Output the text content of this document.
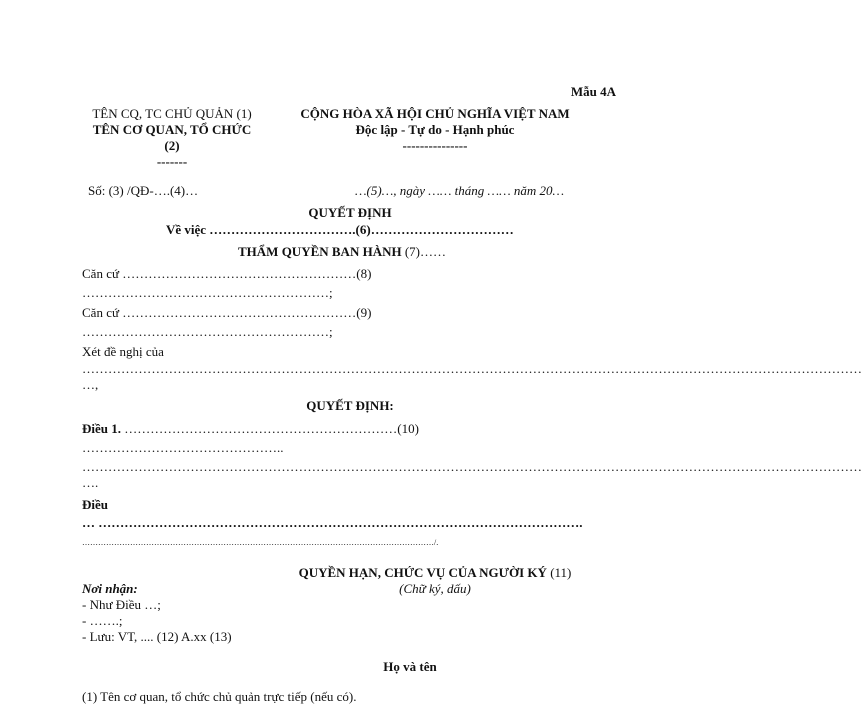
Mẫu 4A
TÊN CQ, TC CHỦ QUẢN (1)
TÊN CƠ QUAN, TỔ CHỨC
(2)
-------
CỘNG HÒA XÃ HỘI CHỦ NGHĨA VIỆT NAM
Độc lập - Tự do - Hạnh phúc
---------------
Số: (3) /QĐ-….(4)…	…(5)…, ngày …… tháng …… năm 20…
QUYẾT ĐỊNH
Về việc …………………………….(6)……………………………
THẨM QUYỀN BAN HÀNH (7)……
Căn cứ ………………………………………………(8)
…………………………………………………;
Căn cứ ………………………………………………(9)
…………………………………………………;
Xét đề nghị của
………………………………………………………………………………………………………………………………………………………………
…,
QUYẾT ĐỊNH:
Điều 1. ………………………………………………………(10)
………………………………………..
………………………………………………………………………………………………………………………………………………………………
….
Điều
… ………………………………………………………………………………………………….
……………………………………………………………………………………………………………………/.
QUYỀN HẠN, CHỨC VỤ CỦA NGƯỜI KÝ (11)
(Chữ ký, dấu)
Nơi nhận:
- Như Điều …;
- …….;
- Lưu: VT, .... (12) A.xx (13)
Họ và tên
(1) Tên cơ quan, tổ chức chủ quản trực tiếp (nếu có).
